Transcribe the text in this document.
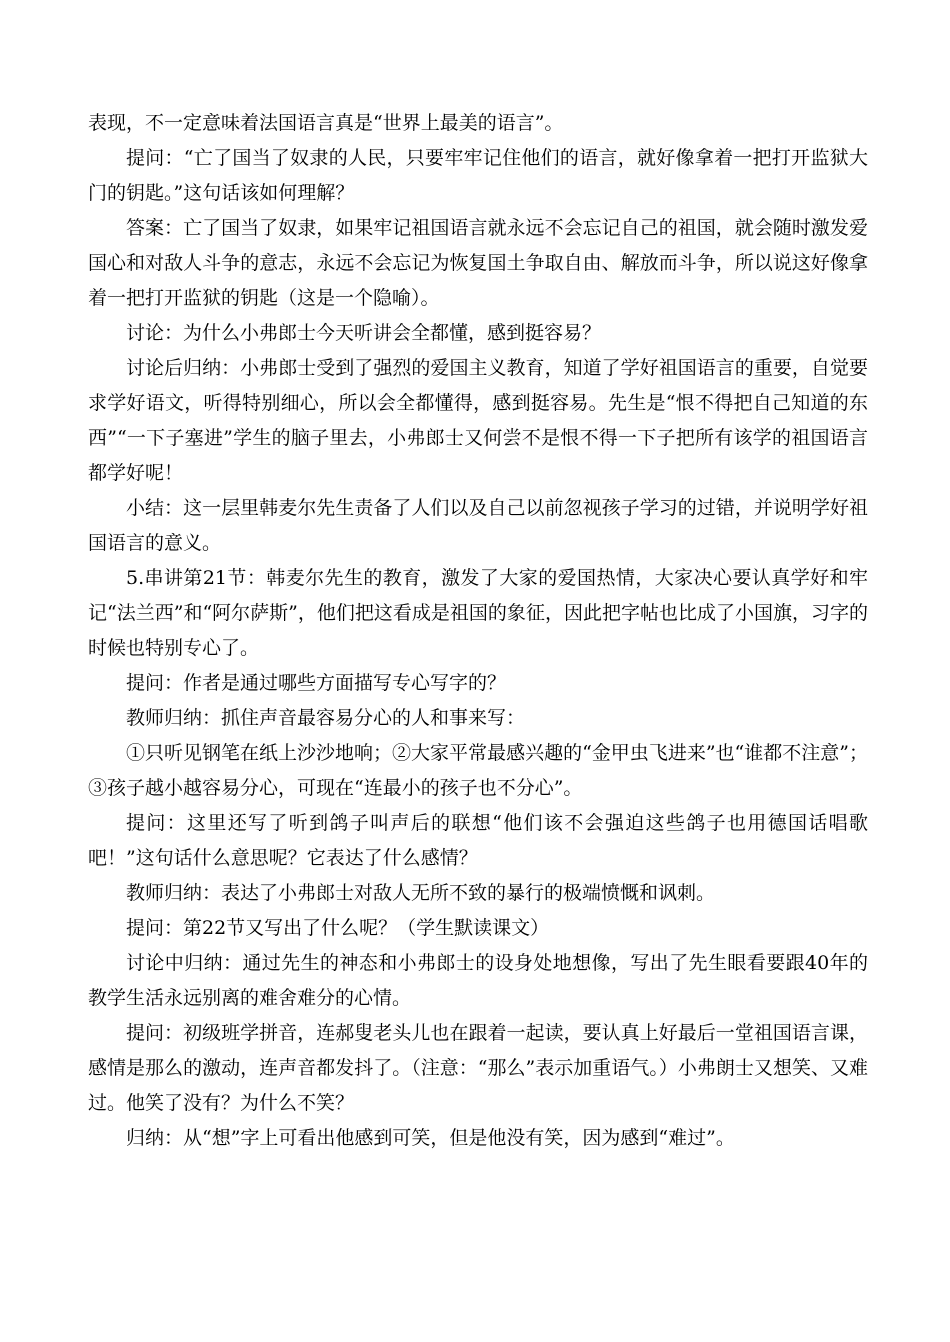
表现，不一定意味着法国语言真是“世界上最美的语言”。

提问：“亡了国当了奴隶的人民，只要牢牢记住他们的语言，就好像拿着一把打开监狱大门的钥匙。”这句话该如何理解？

答案：亡了国当了奴隶，如果牢记祖国语言就永远不会忘记自己的祖国，就会随时激发爱国心和对敌人斗争的意志，永远不会忘记为恢复国土争取自由、解放而斗争，所以说这好像拿着一把打开监狱的钥匙（这是一个隐喻）。

讨论：为什么小弗郎士今天听讲会全都懂，感到挺容易？

讨论后归纳：小弗郎士受到了强烈的爱国主义教育，知道了学好祖国语言的重要，自觉要求学好语文，听得特别细心，所以会全都懂得，感到挺容易。先生是“恨不得把自己知道的东西”“一下子塞进”学生的脑子里去，小弗郎士又何尝不是恨不得一下子把所有该学的祖国语言都学好呢！

小结：这一层里韩麦尔先生责备了人们以及自己以前忽视孩子学习的过错，并说明学好祖国语言的意义。

5.串讲第21节：韩麦尔先生的教育，激发了大家的爱国热情，大家决心要认真学好和牢记“法兰西”和“阿尔萨斯”，他们把这看成是祖国的象征，因此把字帖也比成了小国旗，习字的时候也特别专心了。

提问：作者是通过哪些方面描写专心写字的？

教师归纳：抓住声音最容易分心的人和事来写：

①只听见钢笔在纸上沙沙地响；②大家平常最感兴趣的“金甲虫飞进来”也“谁都不注意”；③孩子越小越容易分心，可现在“连最小的孩子也不分心”。

提问：这里还写了听到鸽子叫声后的联想“他们该不会强迫这些鸽子也用德国话唱歌吧！”这句话什么意思呢？它表达了什么感情？

教师归纳：表达了小弗郎士对敌人无所不致的暴行的极端愤慨和讽刺。

提问：第22节又写出了什么呢？（学生默读课文）

讨论中归纳：通过先生的神态和小弗郎士的设身处地想像，写出了先生眼看要跟40年的教学生活永远别离的难舍难分的心情。

提问：初级班学拼音，连郝叟老头儿也在跟着一起读，要认真上好最后一堂祖国语言课，感情是那么的激动，连声音都发抖了。（注意：“那么”表示加重语气。）小弗朗士又想笑、又难过。他笑了没有？为什么不笑？

归纳：从“想”字上可看出他感到可笑，但是他没有笑，因为感到“难过”。
